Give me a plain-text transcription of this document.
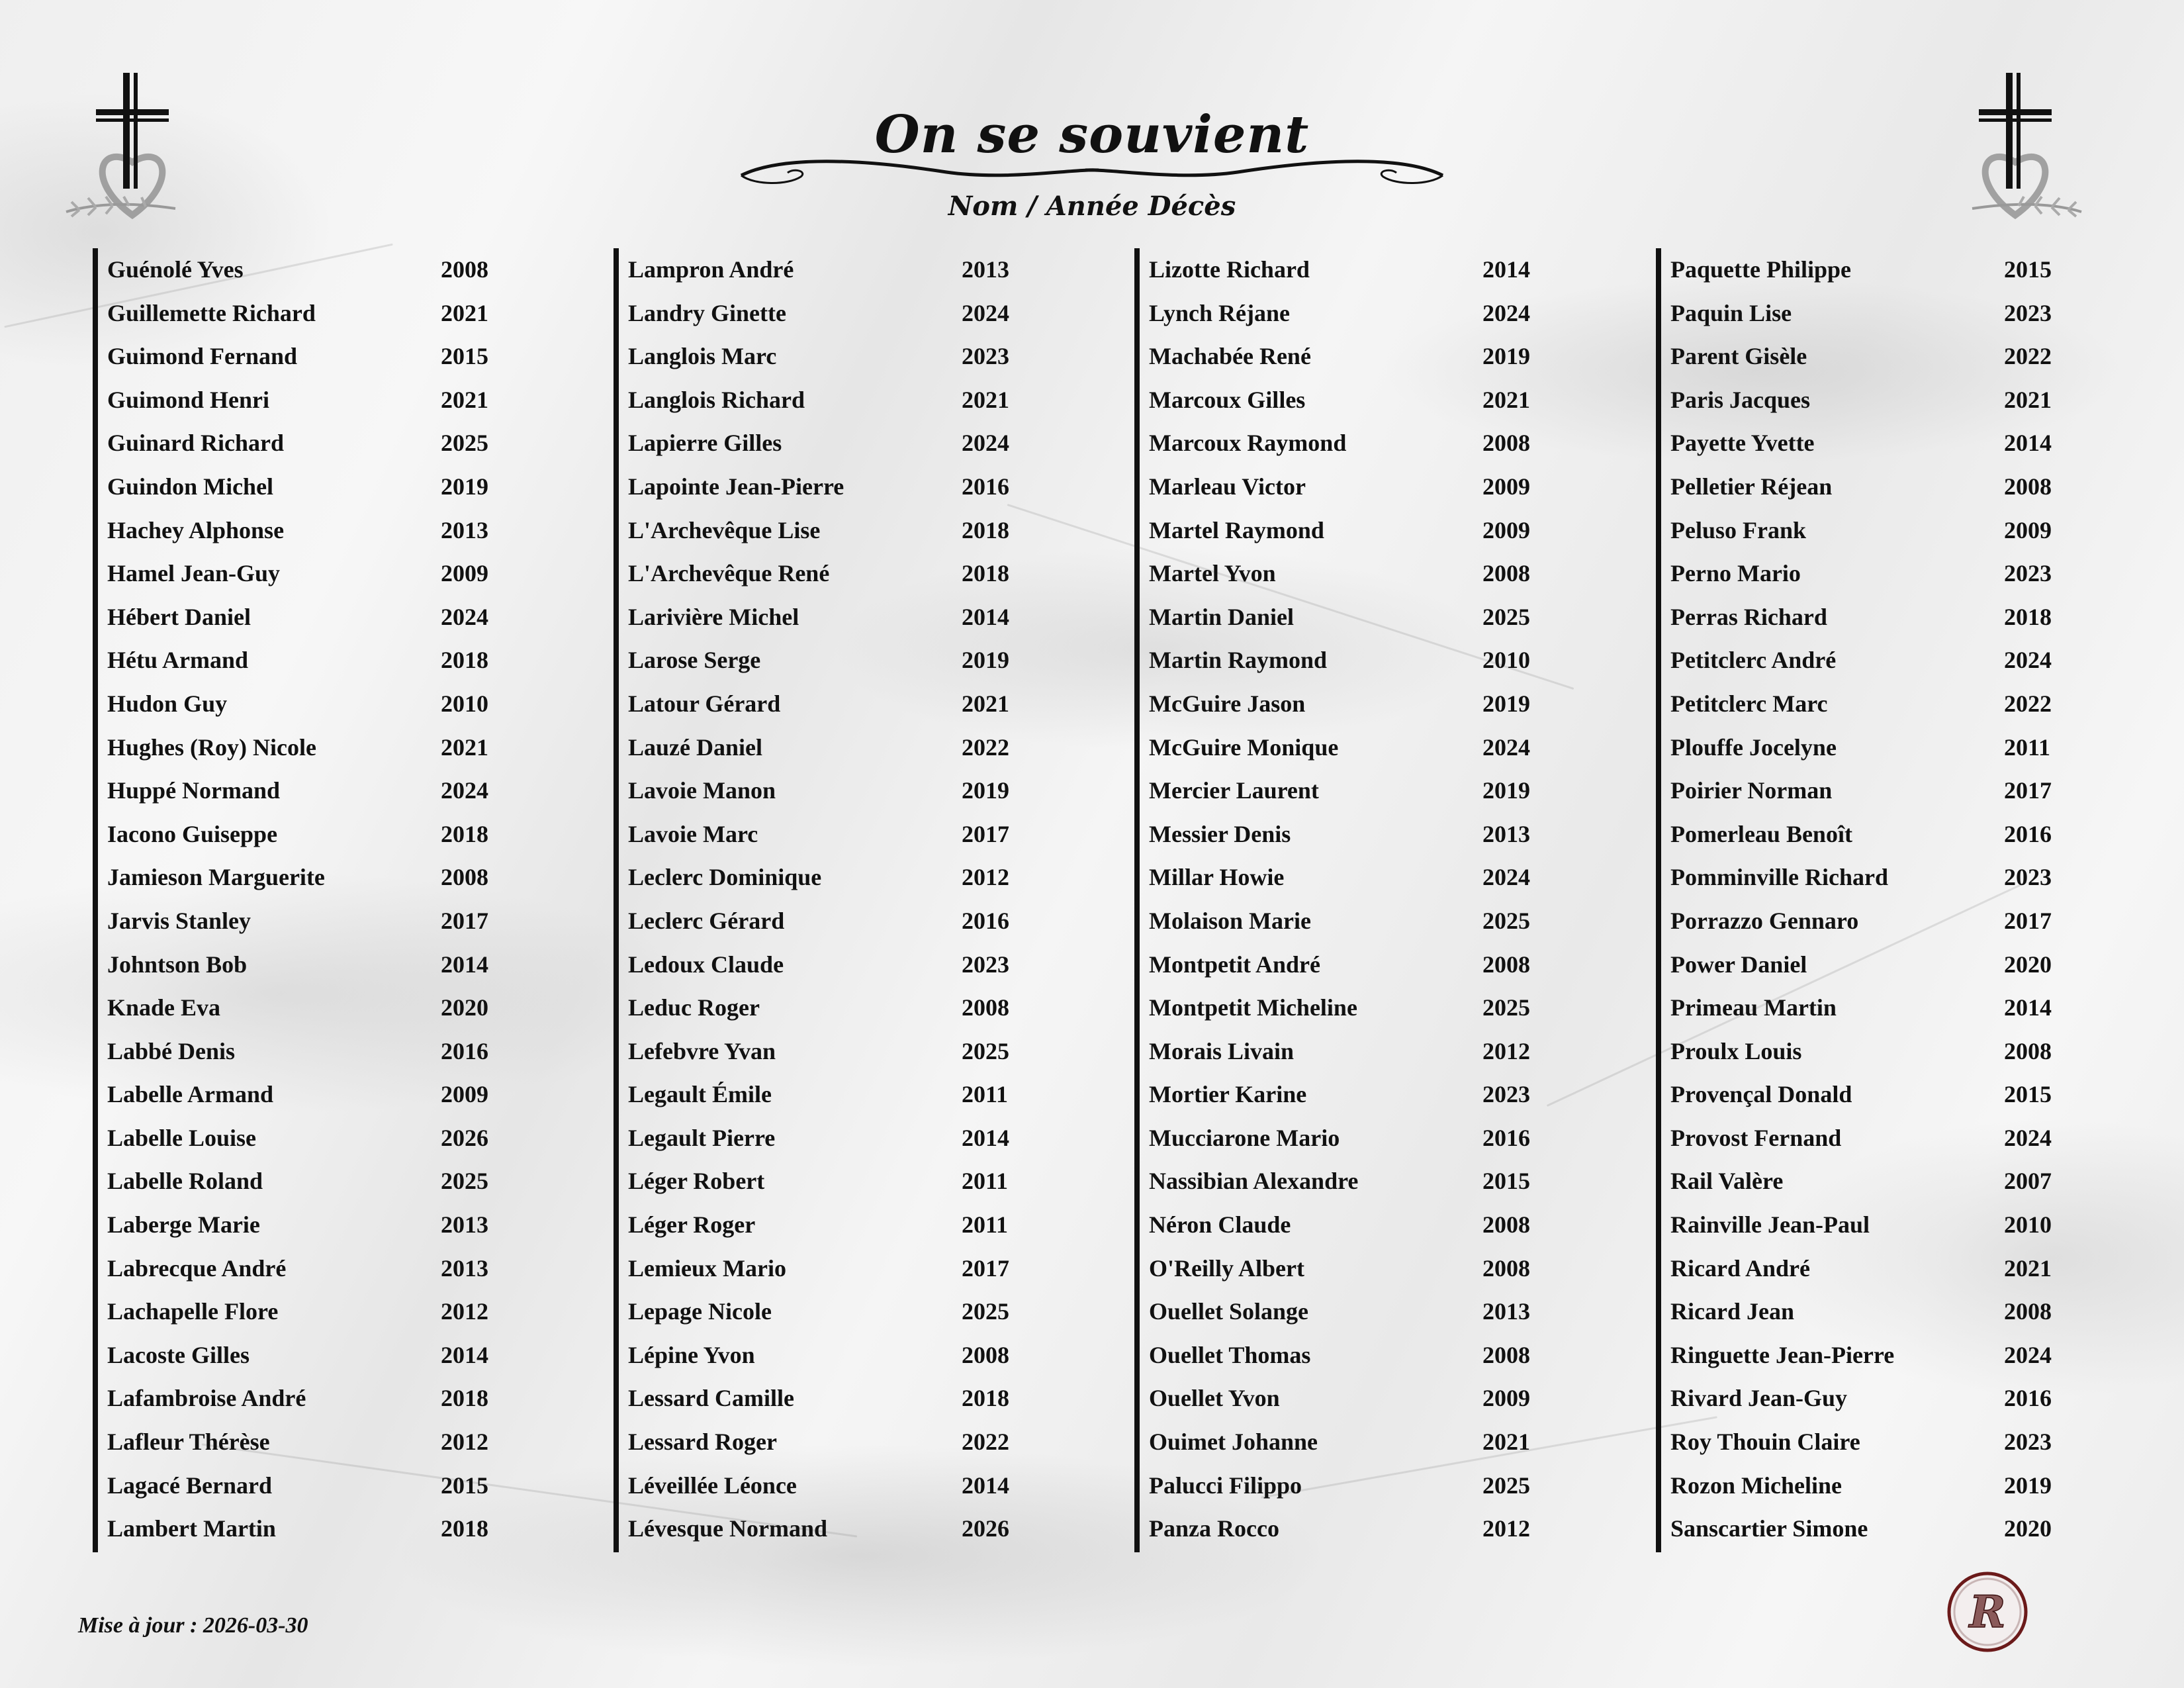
On se souvient
Nom / Année Décès
Guénolé Yves	2008
Guillemette Richard	2021
Guimond Fernand	2015
Guimond Henri	2021
Guinard Richard	2025
Guindon Michel	2019
Hachey Alphonse	2013
Hamel Jean-Guy	2009
Hébert Daniel	2024
Hétu Armand	2018
Hudon Guy	2010
Hughes (Roy) Nicole	2021
Huppé Normand	2024
Iacono Guiseppe	2018
Jamieson Marguerite	2008
Jarvis Stanley	2017
Johntson Bob	2014
Knade Eva	2020
Labbé Denis	2016
Labelle Armand	2009
Labelle Louise	2026
Labelle Roland	2025
Laberge Marie	2013
Labrecque André	2013
Lachapelle Flore	2012
Lacoste Gilles	2014
Lafambroise André	2018
Lafleur Thérèse	2012
Lagacé Bernard	2015
Lambert Martin	2018
Lampron André	2013
Landry Ginette	2024
Langlois Marc	2023
Langlois Richard	2021
Lapierre Gilles	2024
Lapointe Jean-Pierre	2016
L'Archevêque Lise	2018
L'Archevêque René	2018
Larivière Michel	2014
Larose Serge	2019
Latour Gérard	2021
Lauzé Daniel	2022
Lavoie Manon	2019
Lavoie Marc	2017
Leclerc Dominique	2012
Leclerc Gérard	2016
Ledoux Claude	2023
Leduc Roger	2008
Lefebvre Yvan	2025
Legault Émile	2011
Legault Pierre	2014
Léger Robert	2011
Léger Roger	2011
Lemieux Mario	2017
Lepage Nicole	2025
Lépine Yvon	2008
Lessard Camille	2018
Lessard Roger	2022
Léveillée Léonce	2014
Lévesque Normand	2026
Lizotte Richard	2014
Lynch Réjane	2024
Machabée René	2019
Marcoux Gilles	2021
Marcoux Raymond	2008
Marleau Victor	2009
Martel Raymond	2009
Martel Yvon	2008
Martin Daniel	2025
Martin Raymond	2010
McGuire Jason	2019
McGuire Monique	2024
Mercier Laurent	2019
Messier Denis	2013
Millar Howie	2024
Molaison Marie	2025
Montpetit André	2008
Montpetit Micheline	2025
Morais Livain	2012
Mortier Karine	2023
Mucciarone Mario	2016
Nassibian Alexandre	2015
Néron Claude	2008
O'Reilly Albert	2008
Ouellet Solange	2013
Ouellet Thomas	2008
Ouellet Yvon	2009
Ouimet Johanne	2021
Palucci Filippo	2025
Panza Rocco	2012
Paquette Philippe	2015
Paquin Lise	2023
Parent Gisèle	2022
Paris Jacques	2021
Payette Yvette	2014
Pelletier Réjean	2008
Peluso Frank	2009
Perno Mario	2023
Perras Richard	2018
Petitclerc André	2024
Petitclerc Marc	2022
Plouffe Jocelyne	2011
Poirier Norman	2017
Pomerleau Benoît	2016
Pomminville Richard	2023
Porrazzo Gennaro	2017
Power Daniel	2020
Primeau Martin	2014
Proulx Louis	2008
Provençal Donald	2015
Provost Fernand	2024
Rail Valère	2007
Rainville Jean-Paul	2010
Ricard André	2021
Ricard Jean	2008
Ringuette Jean-Pierre	2024
Rivard Jean-Guy	2016
Roy Thouin Claire	2023
Rozon Micheline	2019
Sanscartier Simone	2020
Mise à jour : 2026-03-30	R
